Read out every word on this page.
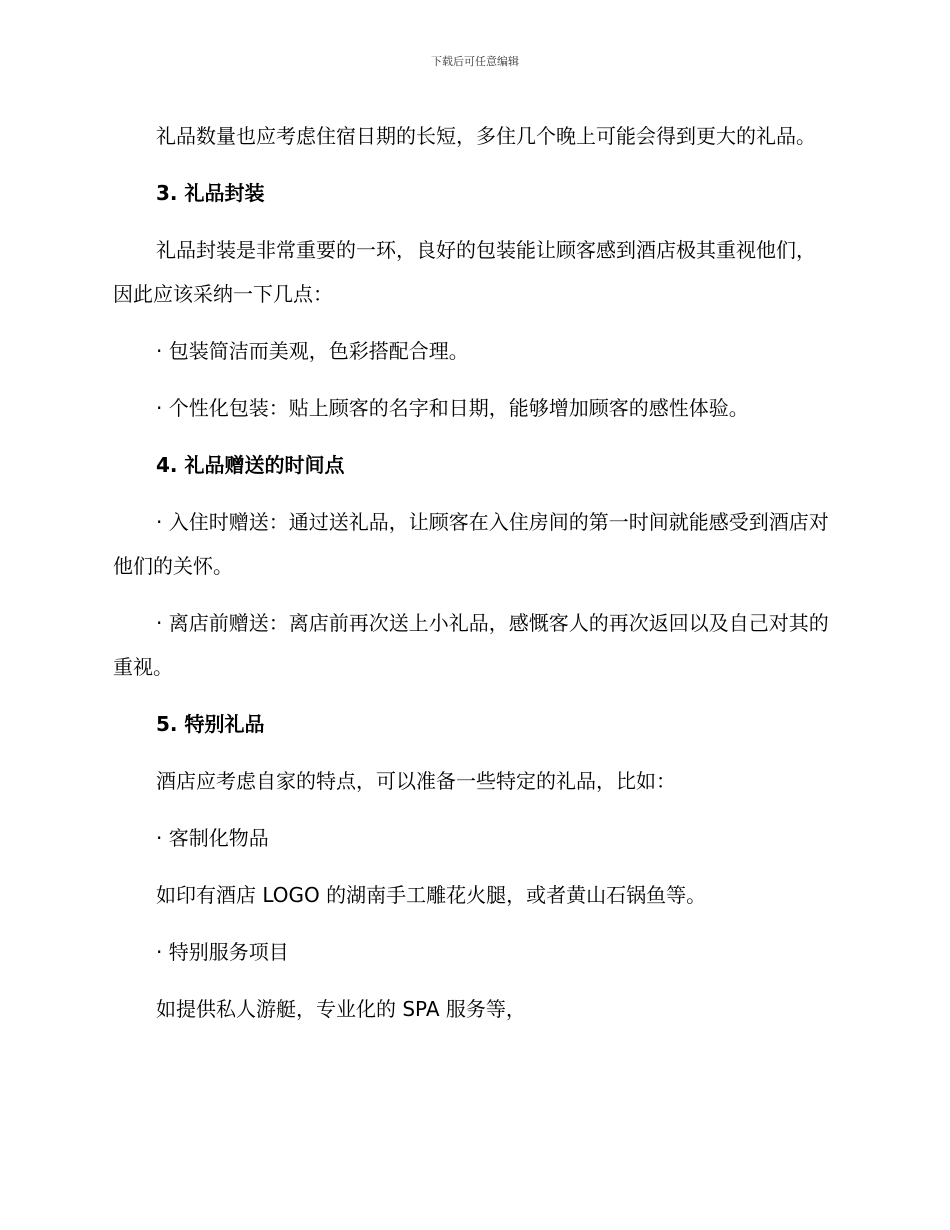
下载后可任意编辑

礼品数量也应考虑住宿日期的长短，多住几个晚上可能会得到更大的礼品。

3. 礼品封装

礼品封装是非常重要的一环，良好的包装能让顾客感到酒店极其重视他们，因此应该采纳一下几点：

· 包装简洁而美观，色彩搭配合理。

· 个性化包装：贴上顾客的名字和日期，能够增加顾客的感性体验。

4. 礼品赠送的时间点

· 入住时赠送：通过送礼品，让顾客在入住房间的第一时间就能感受到酒店对他们的关怀。

· 离店前赠送：离店前再次送上小礼品，感慨客人的再次返回以及自己对其的重视。

5. 特别礼品

酒店应考虑自家的特点，可以准备一些特定的礼品，比如：

· 客制化物品

如印有酒店 LOGO 的湖南手工雕花火腿，或者黄山石锅鱼等。

· 特别服务项目

如提供私人游艇，专业化的 SPA 服务等，
